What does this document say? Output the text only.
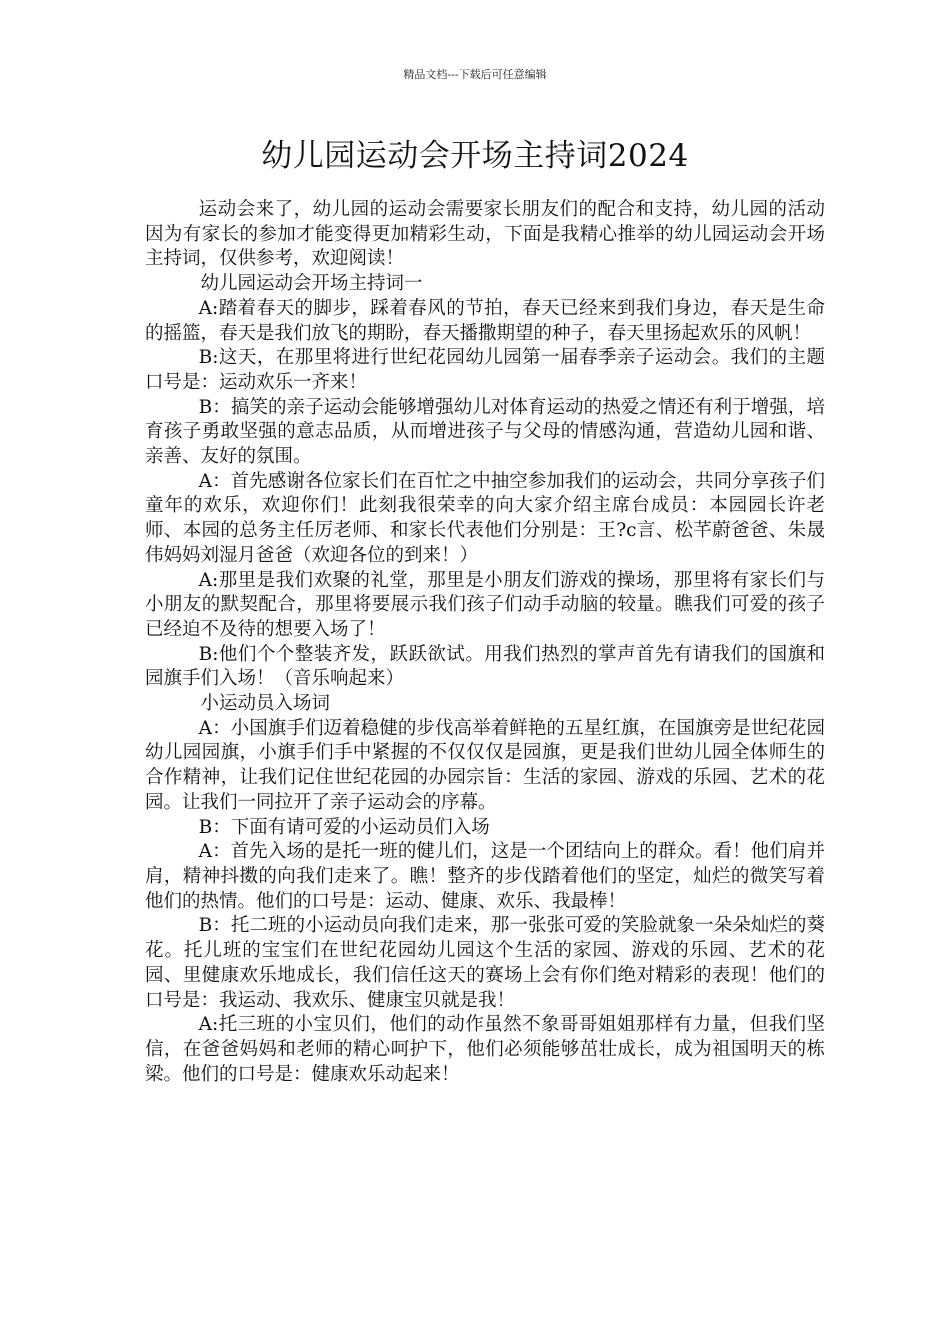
精品文档---下载后可任意编辑
幼儿园运动会开场主持词2024

运动会来了，幼儿园的运动会需要家长朋友们的配合和支持，幼儿园的活动因为有家长的参加才能变得更加精彩生动，下面是我精心推举的幼儿园运动会开场主持词，仅供参考，欢迎阅读！

幼儿园运动会开场主持词一

A:踏着春天的脚步，踩着春风的节拍，春天已经来到我们身边，春天是生命的摇篮，春天是我们放飞的期盼，春天播撒期望的种子，春天里扬起欢乐的风帆！

B:这天，在那里将进行世纪花园幼儿园第一届春季亲子运动会。我们的主题口号是：运动欢乐一齐来！

B：搞笑的亲子运动会能够增强幼儿对体育运动的热爱之情还有利于增强，培育孩子勇敢坚强的意志品质，从而增进孩子与父母的情感沟通，营造幼儿园和谐、亲善、友好的氛围。

A：首先感谢各位家长们在百忙之中抽空参加我们的运动会，共同分享孩子们童年的欢乐，欢迎你们！此刻我很荣幸的向大家介绍主席台成员：本园园长许老师、本园的总务主任厉老师、和家长代表他们分别是：王?c言、松芊蔚爸爸、朱晟伟妈妈刘湿月爸爸（欢迎各位的到来！）

A:那里是我们欢聚的礼堂，那里是小朋友们游戏的操场，那里将有家长们与小朋友的默契配合，那里将要展示我们孩子们动手动脑的较量。瞧我们可爱的孩子已经迫不及待的想要入场了！

B:他们个个整装齐发，跃跃欲试。用我们热烈的掌声首先有请我们的国旗和园旗手们入场！（音乐响起来）

小运动员入场词

A：小国旗手们迈着稳健的步伐高举着鲜艳的五星红旗，在国旗旁是世纪花园幼儿园园旗，小旗手们手中紧握的不仅仅仅是园旗，更是我们世幼儿园全体师生的合作精神，让我们记住世纪花园的办园宗旨：生活的家园、游戏的乐园、艺术的花园。让我们一同拉开了亲子运动会的序幕。

B：下面有请可爱的小运动员们入场

A：首先入场的是托一班的健儿们，这是一个团结向上的群众。看！他们肩并肩，精神抖擞的向我们走来了。瞧！整齐的步伐踏着他们的坚定，灿烂的微笑写着他们的热情。他们的口号是：运动、健康、欢乐、我最棒！

B：托二班的小运动员向我们走来，那一张张可爱的笑脸就象一朵朵灿烂的葵花。托儿班的宝宝们在世纪花园幼儿园这个生活的家园、游戏的乐园、艺术的花园、里健康欢乐地成长，我们信任这天的赛场上会有你们绝对精彩的表现！他们的口号是：我运动、我欢乐、健康宝贝就是我！

A:托三班的小宝贝们，他们的动作虽然不象哥哥姐姐那样有力量，但我们坚信，在爸爸妈妈和老师的精心呵护下，他们必须能够茁壮成长，成为祖国明天的栋梁。他们的口号是：健康欢乐动起来！
